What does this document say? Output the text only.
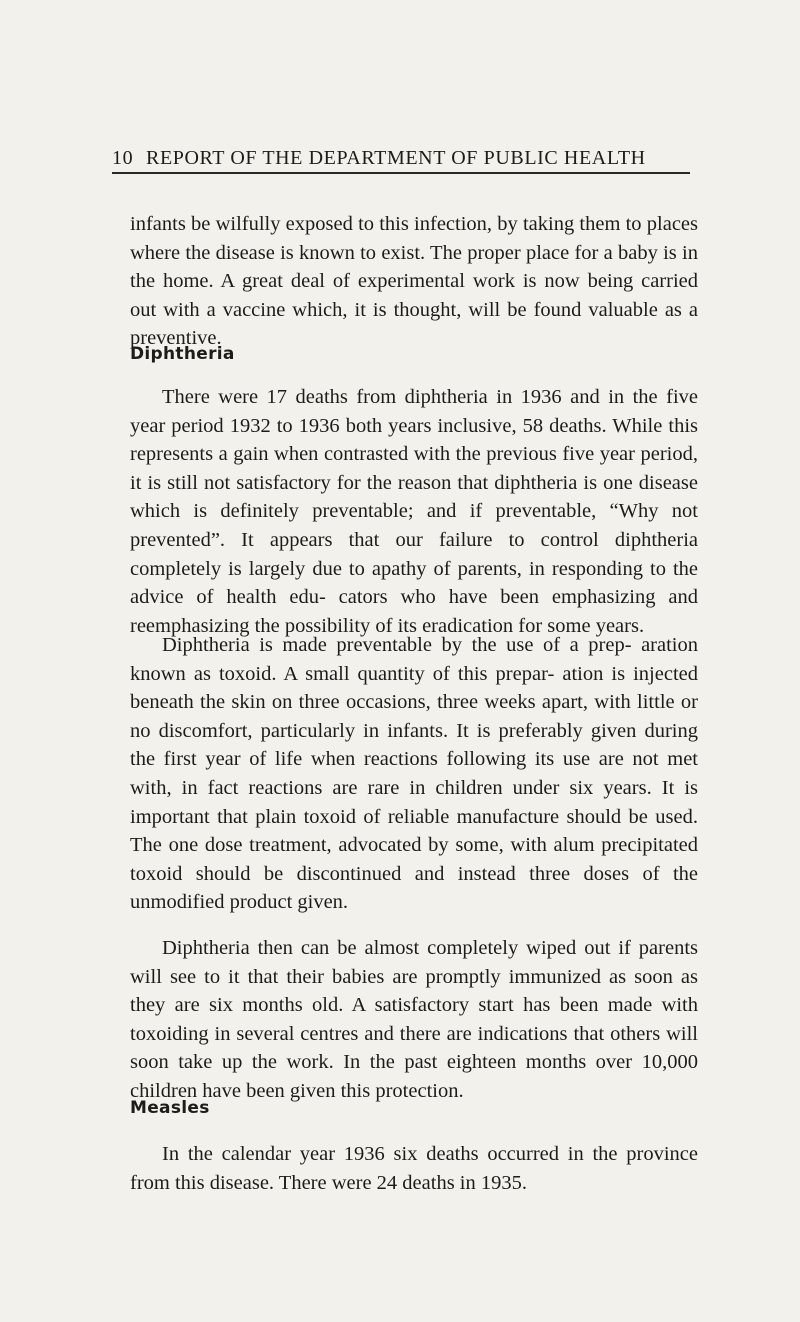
10 REPORT OF THE DEPARTMENT OF PUBLIC HEALTH

infants be wilfully exposed to this infection, by taking them to places where the disease is known to exist. The proper place for a baby is in the home. A great deal of experimental work is now being carried out with a vaccine which, it is thought, will be found valuable as a preventive.

Diphtheria

There were 17 deaths from diphtheria in 1936 and in the five year period 1932 to 1936 both years inclusive, 58 deaths. While this represents a gain when contrasted with the previous five year period, it is still not satisfactory for the reason that diphtheria is one disease which is definitely preventable; and if preventable, “Why not prevented”. It appears that our failure to control diphtheria completely is largely due to apathy of parents, in responding to the advice of health edu- cators who have been emphasizing and reemphasizing the possibility of its eradication for some years.

Diphtheria is made preventable by the use of a prep- aration known as toxoid. A small quantity of this prepar- ation is injected beneath the skin on three occasions, three weeks apart, with little or no discomfort, particularly in infants. It is preferably given during the first year of life when reactions following its use are not met with, in fact reactions are rare in children under six years. It is important that plain toxoid of reliable manufacture should be used. The one dose treatment, advocated by some, with alum precipitated toxoid should be discontinued and instead three doses of the unmodified product given.

Diphtheria then can be almost completely wiped out if parents will see to it that their babies are promptly immunized as soon as they are six months old. A satisfactory start has been made with toxoiding in several centres and there are indications that others will soon take up the work. In the past eighteen months over 10,000 children have been given this protection.

Measles

In the calendar year 1936 six deaths occurred in the province from this disease. There were 24 deaths in 1935.
